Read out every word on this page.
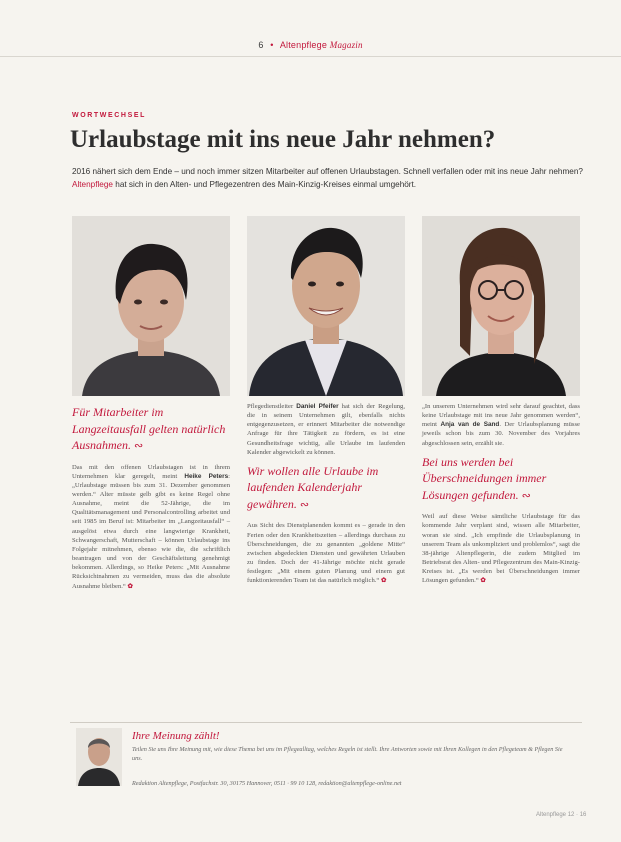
6 • Altenpflege Magazin
WORTWECHSEL
Urlaubstage mit ins neue Jahr nehmen?

2016 nähert sich dem Ende – und noch immer sitzen Mitarbeiter auf offenen Urlaubstagen. Schnell verfallen oder mit ins neue Jahr nehmen? Altenpflege hat sich in den Alten- und Pflegezentren des Main-Kinzig-Kreises einmal umgehört.

Für Mitarbeiter im Langzeitausfall gelten natürlich Ausnahmen. ∾

Das mit den offenen Urlaubstagen ist in ihrem Unternehmen klar geregelt, meint Heike Peters: „Urlaubstage müssen bis zum 31. Dezember genommen werden.“ Alter müsste gelb gibt es keine Regel ohne Ausnahme, meint die 52-Jährige, die im Qualitätsmanagement und Personalcontrolling arbeitet und seit 1985 im Beruf ist: Mitarbeiter im „Langzeitausfall“ – ausgelöst etwa durch eine langwierige Krankheit, Schwangerschaft, Mutterschaft – können Urlaubstage ins Folgejahr mitnehmen, ebenso wie die, die schriftlich beantragen und von der Geschäftsleitung genehmigt bekommen. Allerdings, so Heike Peters: „Mit Ausnahme Rücksichtnahmen zu vermeiden, muss das die absolute Ausnahme bleiben.“ ✿

Pflegedienstleiter Daniel Pfeifer hat sich der Regelung, die in seinem Unternehmen gilt, ebenfalls nichts entgegenzusetzen, er erinnert Mitarbeiter die notwendige Anfrage für ihre Tätigkeit zu fördern, es ist eine Gesundheitsfrage wichtig, alle Urlaube im laufenden Kalender abgewickelt zu können.

Wir wollen alle Urlaube im laufenden Kalenderjahr gewähren. ∾

Aus Sicht des Dienstplanenden kommt es – gerade in den Ferien oder den Krankheitszeiten – allerdings durchaus zu Überschneidungen, die zu genannten „goldene Mitte“ zwischen abgedeckten Diensten und gewährten Urlauben zu finden. Doch der 41-Jährige möchte nicht gerade festlegen: „Mit einem guten Planung und einem gut funktionierenden Team ist das natürlich möglich.“ ✿

„In unserem Unternehmen wird sehr darauf geachtet, dass keine Urlaubstage mit ins neue Jahr genommen werden“, meint Anja van de Sand. Der Urlaubsplanung müsse jeweils schon bis zum 30. November des Vorjahres abgeschlossen sein, erzählt sie.

Bei uns werden bei Überschneidungen immer Lösungen gefunden. ∾

Weil auf diese Weise sämtliche Urlaubstage für das kommende Jahr verplant sind, wissen alle Mitarbeiter, woran sie sind. „Ich empfinde die Urlaubsplanung in unserem Team als unkompliziert und problemlos“, sagt die 38-jährige Altenpflegerin, die zudem Mitglied im Betriebsrat des Alten- und Pflegezentrum des Main-Kinzig-Kreises ist. „Es werden bei Überschneidungen immer Lösungen gefunden.“ ✿

Ihre Meinung zählt!

Teilen Sie uns Ihre Meinung mit, wie diese Thema bei uns im Pflegealltag, welches Regeln ist stellt. Ihre Antworten sowie mit Ihren Kollegen in den Pflegeteam & Pflegen Sie uns.

Redaktion Altenpflege, Postfachstr. 30, 30175 Hannover, 0511 · 99 10 128, redaktion@altenpflege-online.net

Altenpflege 12 · 16
